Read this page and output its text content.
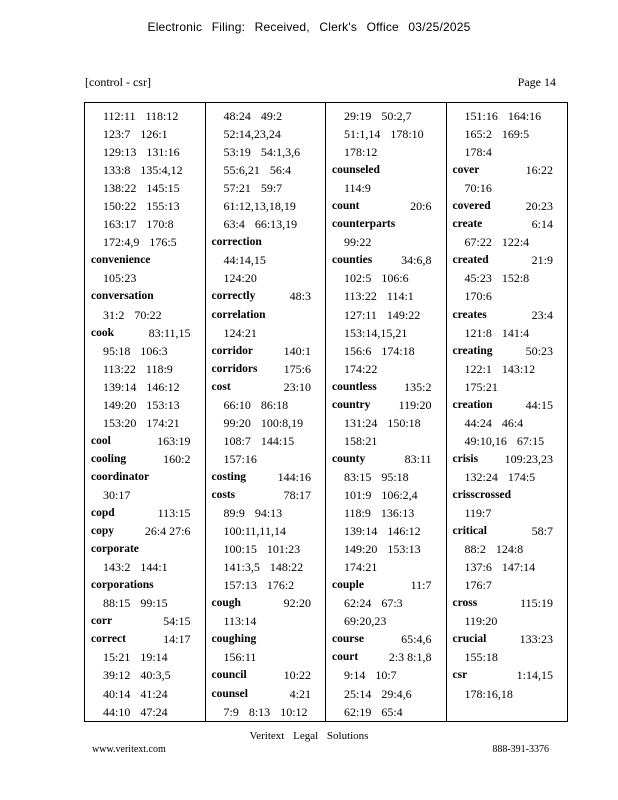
Electronic Filing: Received, Clerk's Office 03/25/2025
[control - csr]	Page 14
112:11 118:12
123:7 126:1
129:13 131:16
133:8 135:4,12
138:22 145:15
150:22 155:13
163:17 170:8
172:4,9 176:5
convenience
105:23
conversation
31:2 70:22
cook	83:11,15
95:18 106:3
113:22 118:9
139:14 146:12
149:20 153:13
153:20 174:21
cool	163:19
cooling	160:2
coordinator
30:17
copd	113:15
copy	26:4 27:6
corporate
143:2 144:1
corporations
88:15 99:15
corr	54:15
correct	14:17
15:21 19:14
39:12 40:3,5
40:14 41:24
44:10 47:24
48:24 49:2
52:14,23,24
53:19 54:1,3,6
55:6,21 56:4
57:21 59:7
61:12,13,18,19
63:4 66:13,19
correction
44:14,15
124:20
correctly	48:3
correlation
124:21
corridor	140:1
corridors 175:6
cost	23:10
66:10 86:18
99:20 100:8,19
108:7 144:15
157:16
costing	144:16
costs	78:17
89:9 94:13
100:11,11,14
100:15 101:23
141:3,5 148:22
157:13 176:2
cough	92:20
113:14
coughing
156:11
council	10:22
counsel	4:21
7:9 8:13 10:12
29:19 50:2,7
51:1,14 178:10
178:12
counseled
114:9
count	20:6
counterparts
99:22
counties 34:6,8
102:5 106:6
113:22 114:1
127:11 149:22
153:14,15,21
156:6 174:18
174:22
countless 135:2
country 119:20
131:24 150:18
158:21
county	83:11
83:15 95:18
101:9 106:2,4
118:9 136:13
139:14 146:12
149:20 153:13
174:21
couple	11:7
62:24 67:3
69:20,23
course	65:4,6
court	2:3 8:1,8
9:14 10:7
25:14 29:4,6
62:19 65:4
151:16 164:16
165:2 169:5
178:4
cover	16:22
70:16
covered	20:23
create	6:14
67:22 122:4
created	21:9
45:23 152:8
170:6
creates	23:4
121:8 141:4
creating	50:23
122:1 143:12
175:21
creation	44:15
44:24 46:4
49:10,16 67:15
crisis 109:23,23
132:24 174:5
crisscrossed
119:7
critical	58:7
88:2 124:8
137:6 147:14
176:7
cross	115:19
119:20
crucial	133:23
155:18
csr	1:14,15
178:16,18
Veritext Legal Solutions
www.veritext.com	888-391-3376
